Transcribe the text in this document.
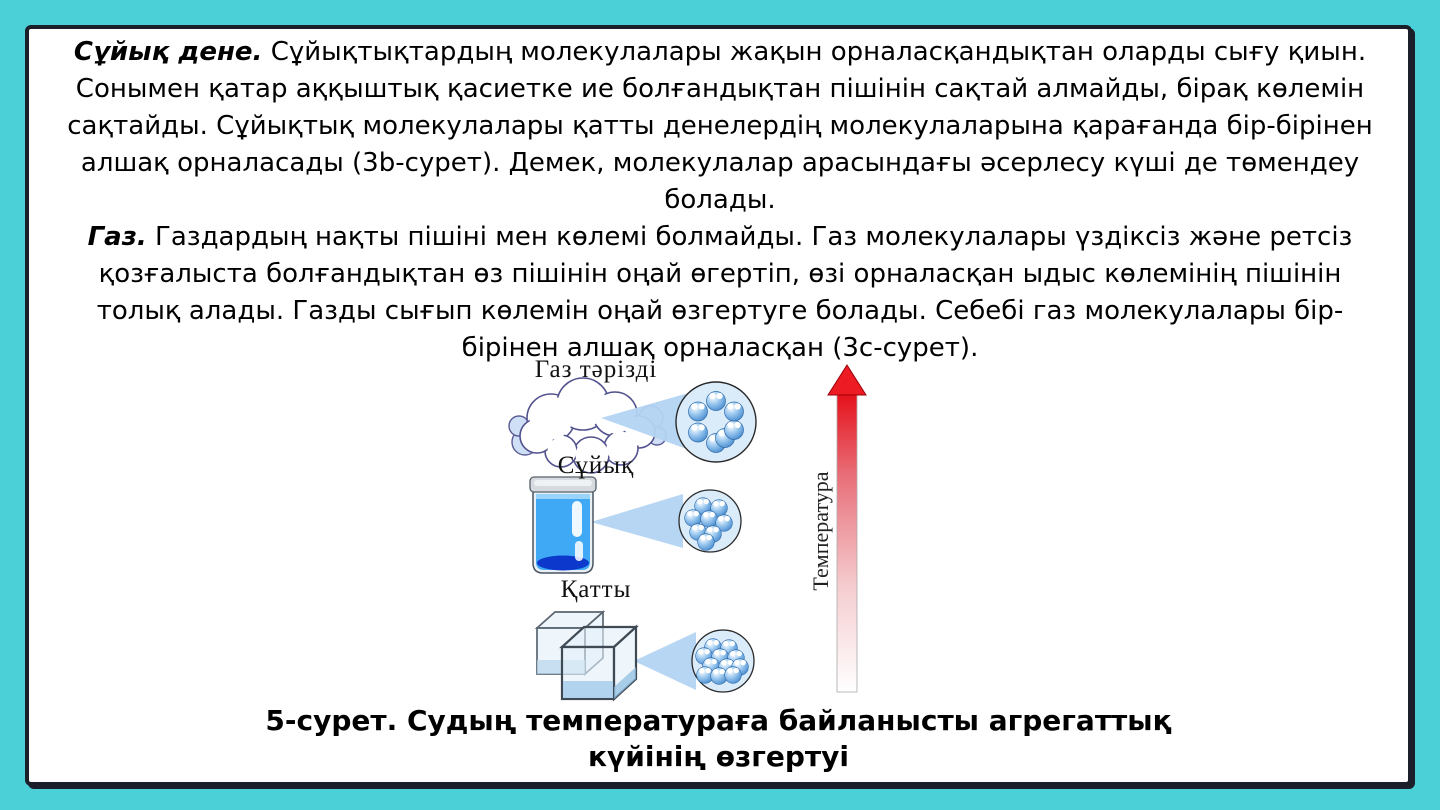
Сұйық дене. Сұйықтықтардың молекулалары жақын орналасқандықтан оларды сығу қиын.
Сонымен қатар аққыштық қасиетке ие болғандықтан пішінін сақтай алмайды, бірақ көлемін
сақтайды. Сұйықтық молекулалары қатты денелердің молекулаларына қарағанда бір-бірінен
алшақ орналасады (3b-сурет). Демек, молекулалар арасындағы әсерлесу күші де төмендеу
болады.
Газ. Газдардың нақты пішіні мен көлемі болмайды. Газ молекулалары үздіксіз және ретсіз
қозғалыста болғандықтан өз пішінін оңай өгертіп, өзі орналасқан ыдыс көлемінің пішінін
толық алады. Газды сығып көлемін оңай өзгертуге болады. Себебі газ молекулалары бір-
бірінен алшақ орналасқан (3c-сурет).
Газ тәрізді
Сұйық
Қатты	Температура
5-сурет. Судың температураға байланысты агрегаттық
күйінің өзгертуі
